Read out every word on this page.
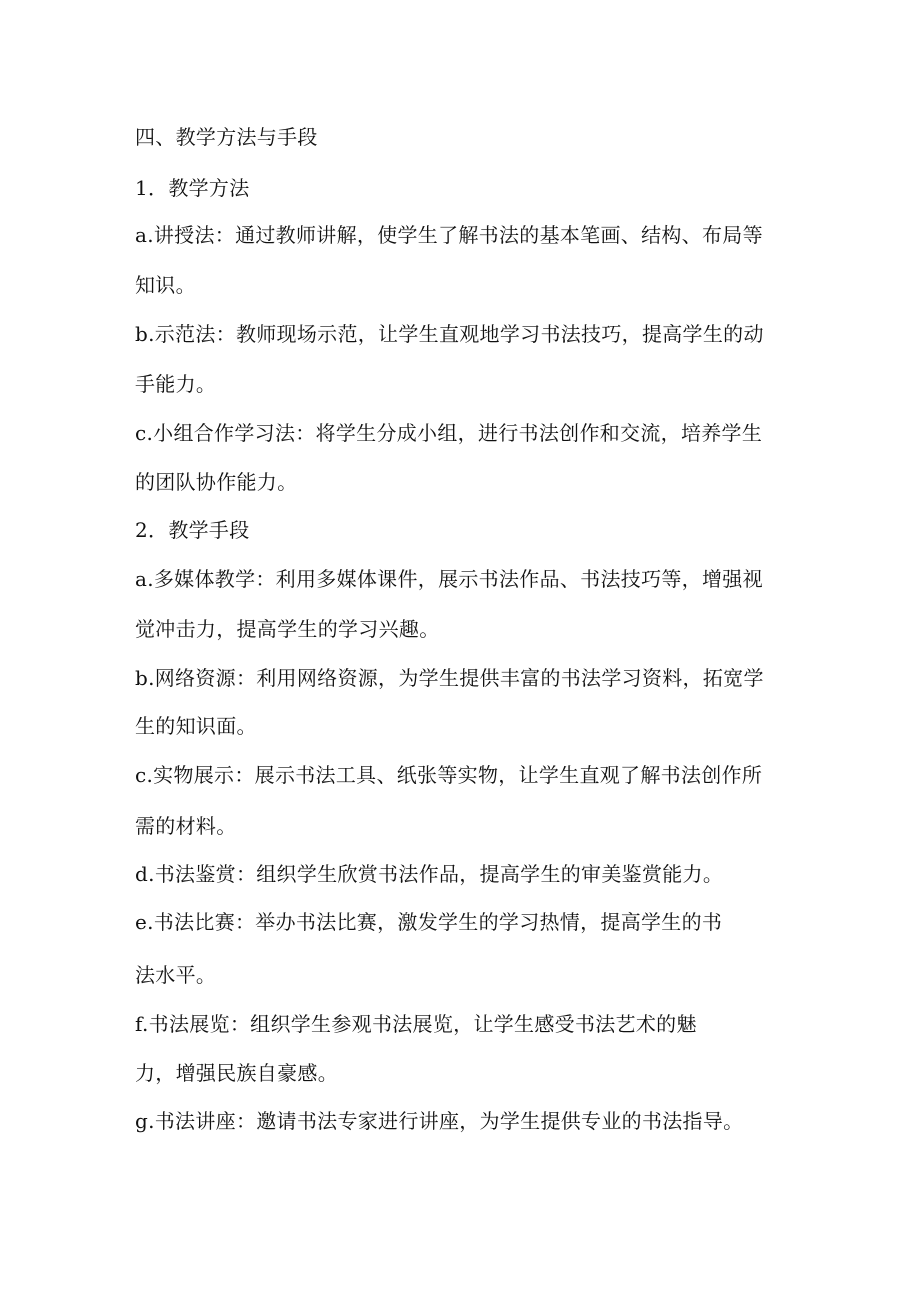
四、教学方法与手段
1．教学方法
a.讲授法：通过教师讲解，使学生了解书法的基本笔画、结构、布局等
知识。
b.示范法：教师现场示范，让学生直观地学习书法技巧，提高学生的动
手能力。
c.小组合作学习法：将学生分成小组，进行书法创作和交流，培养学生
的团队协作能力。
2．教学手段
a.多媒体教学：利用多媒体课件，展示书法作品、书法技巧等，增强视
觉冲击力，提高学生的学习兴趣。
b.网络资源：利用网络资源，为学生提供丰富的书法学习资料，拓宽学
生的知识面。
c.实物展示：展示书法工具、纸张等实物，让学生直观了解书法创作所
需的材料。
d.书法鉴赏：组织学生欣赏书法作品，提高学生的审美鉴赏能力。
e.书法比赛：举办书法比赛，激发学生的学习热情，提高学生的书
法水平。
f.书法展览：组织学生参观书法展览，让学生感受书法艺术的魅
力，增强民族自豪感。
g.书法讲座：邀请书法专家进行讲座，为学生提供专业的书法指导。
